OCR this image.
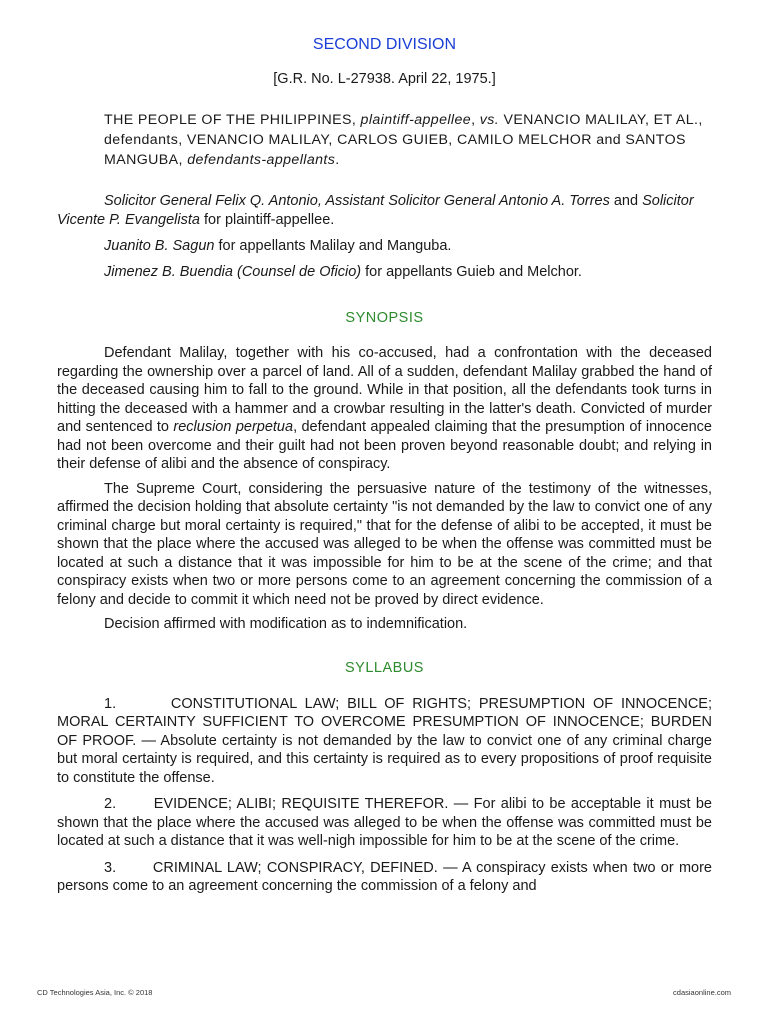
SECOND DIVISION
[G.R. No. L-27938. April 22, 1975.]
THE PEOPLE OF THE PHILIPPINES, plaintiff-appellee, vs. VENANCIO MALILAY, ET AL., defendants, VENANCIO MALILAY, CARLOS GUIEB, CAMILO MELCHOR and SANTOS MANGUBA, defendants-appellants.

Solicitor General Felix Q. Antonio, Assistant Solicitor General Antonio A. Torres and Solicitor Vicente P. Evangelista for plaintiff-appellee.

Juanito B. Sagun for appellants Malilay and Manguba.

Jimenez B. Buendia (Counsel de Oficio) for appellants Guieb and Melchor.

SYNOPSIS

Defendant Malilay, together with his co-accused, had a confrontation with the deceased regarding the ownership over a parcel of land. All of a sudden, defendant Malilay grabbed the hand of the deceased causing him to fall to the ground. While in that position, all the defendants took turns in hitting the deceased with a hammer and a crowbar resulting in the latter's death. Convicted of murder and sentenced to reclusion perpetua, defendant appealed claiming that the presumption of innocence had not been overcome and their guilt had not been proven beyond reasonable doubt; and relying in their defense of alibi and the absence of conspiracy.

The Supreme Court, considering the persuasive nature of the testimony of the witnesses, affirmed the decision holding that absolute certainty "is not demanded by the law to convict one of any criminal charge but moral certainty is required," that for the defense of alibi to be accepted, it must be shown that the place where the accused was alleged to be when the offense was committed must be located at such a distance that it was impossible for him to be at the scene of the crime; and that conspiracy exists when two or more persons come to an agreement concerning the commission of a felony and decide to commit it which need not be proved by direct evidence.

Decision affirmed with modification as to indemnification.

SYLLABUS

1.       CONSTITUTIONAL LAW; BILL OF RIGHTS; PRESUMPTION OF INNOCENCE; MORAL CERTAINTY SUFFICIENT TO OVERCOME PRESUMPTION OF INNOCENCE; BURDEN OF PROOF. — Absolute certainty is not demanded by the law to convict one of any criminal charge but moral certainty is required, and this certainty is required as to every propositions of proof requisite to constitute the offense.

2.       EVIDENCE; ALIBI; REQUISITE THEREFOR. — For alibi to be acceptable it must be shown that the place where the accused was alleged to be when the offense was committed must be located at such a distance that it was well-nigh impossible for him to be at the scene of the crime.

3.       CRIMINAL LAW; CONSPIRACY, DEFINED. — A conspiracy exists when two or more persons come to an agreement concerning the commission of a felony and

CD Technologies Asia, Inc. © 2018	cdasiaonline.com
